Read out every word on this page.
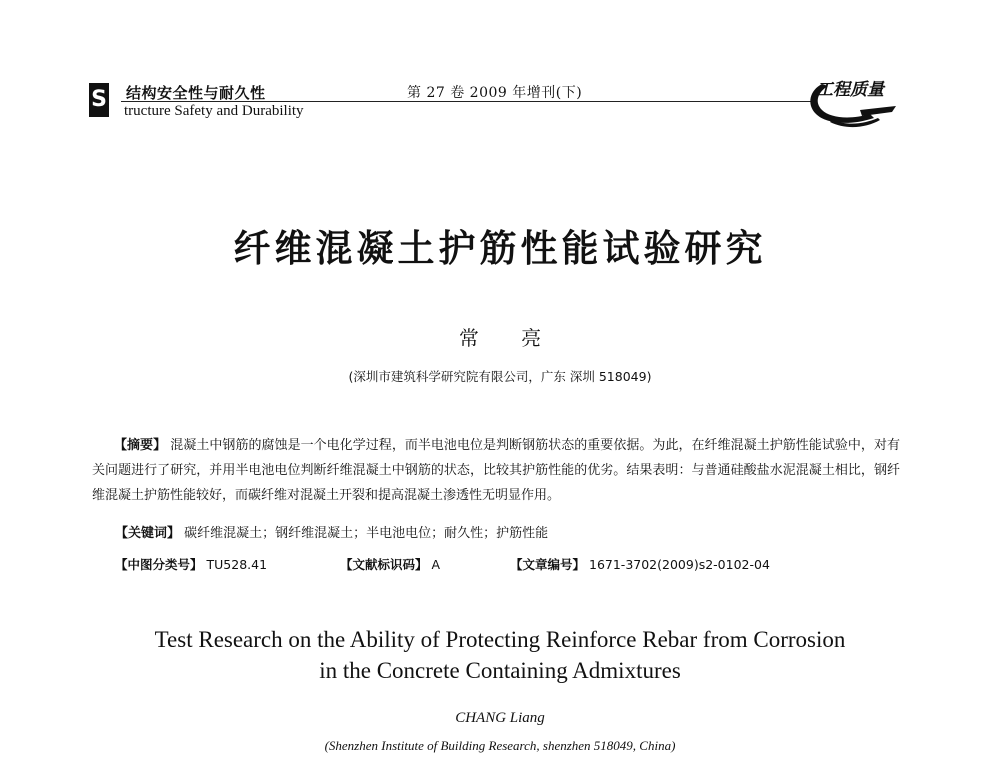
S 结构安全性与耐久性
tructure Safety and Durability
第 27 卷 2009 年增刊(下)	工程质量
纤维混凝土护筋性能试验研究
常 亮
(深圳市建筑科学研究院有限公司，广东 深圳 518049)
【摘要】 混凝土中钢筋的腐蚀是一个电化学过程，而半电池电位是判断钢筋状态的重要依据。为此，在纤维混凝土护筋性能试验中，对有关问题进行了研究，并用半电池电位判断纤维混凝土中钢筋的状态，比较其护筋性能的优劣。结果表明：与普通硅酸盐水泥混凝土相比，钢纤维混凝土护筋性能较好，而碳纤维对混凝土开裂和提高混凝土渗透性无明显作用。
【关键词】 碳纤维混凝土；钢纤维混凝土；半电池电位；耐久性；护筋性能
【中图分类号】 TU528.41	【文献标识码】 A	【文章编号】 1671-3702(2009)s2-0102-04
Test Research on the Ability of Protecting Reinforce Rebar from Corrosion
in the Concrete Containing Admixtures
CHANG Liang
(Shenzhen Institute of Building Research, shenzhen 518049, China)
